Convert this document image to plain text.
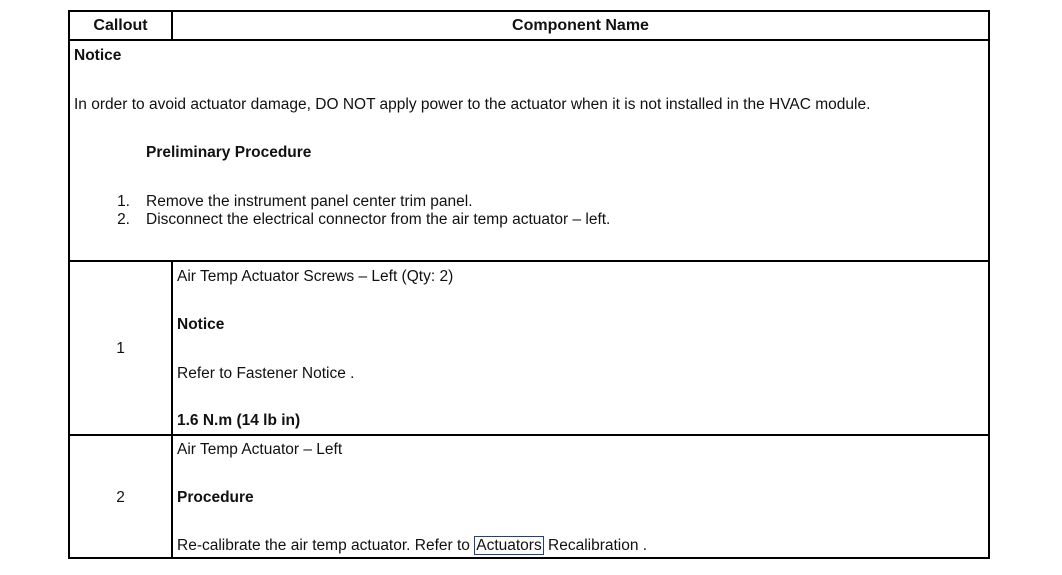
Callout	Component Name
Notice
In order to avoid actuator damage, DO NOT apply power to the actuator when it is not installed in the HVAC module.
Preliminary Procedure
1. Remove the instrument panel center trim panel.
2. Disconnect the electrical connector from the air temp actuator – left.
1
Air Temp Actuator Screws – Left (Qty: 2)
Notice
Refer to Fastener Notice .
1.6 N.m (14 lb in)
2
Air Temp Actuator – Left
Procedure
Re-calibrate the air temp actuator. Refer to Actuators Recalibration .
